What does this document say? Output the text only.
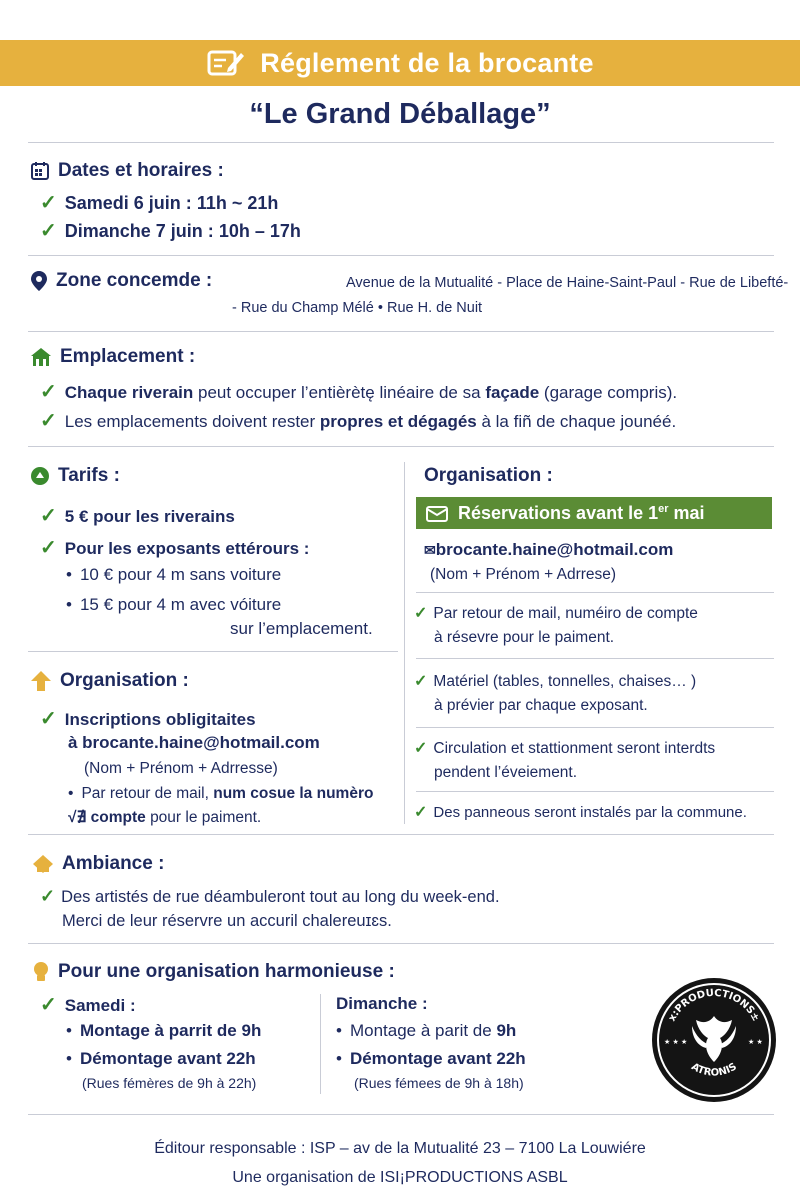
Réglement de la brocante
“Le Grand Déballage”
Dates et horaires :
✓ Samedi 6 juin : 11h ~ 21h
✓ Dimanche 7 juin : 10h – 17h
Zone concemde :	Avenue de la Mutualité - Place de Haine-Saint-Paul - Rue de Libefté-
- Rue du Champ Mélé • Rue H. de Nuit
Emplacement :
✓ Chaque riverain peut occuper l’entièrètę linéaire de sa façade (garage compris).
✓ Les emplacements doivent rester propres et dégagés à la fiñ de chaque jounéé.
Tarifs :
✓ 5 € pour les riverains
✓ Pour les exposants ettérours :
• 10 € pour 4 m sans voiture
• 15 € pour 4 m avec vóiture
sur l’emplacement.
Organisation :
✓ Inscriptions obligitaites
à brocante.haine@hotmail.com
(Nom + Prénom + Adrresse)
• Par retour de mail, num cosue la numèro
√∄ compte pour le paiment.
Organisation :
Réservations avant le 1er mai
✉brocante.haine@hotmail.com
(Nom + Prénom + Adrrese)
✓ Par retour de mail, numéiro de compte
à résevre pour le paiment.
✓ Matériel (tables, tonnelles, chaises… )
à prévier par chaque exposant.
✓ Circulation et stattionment seront interdts
pendent l’éveiement.
✓ Des panneous seront instalés par la commune.
Ambiance :
✓ Des artistés de rue déambuleront tout au long du week-end.
Merci de leur réservre un accuril chalereuɪɛs.
Pour une organisation harmonieuse :
✓ Samedi :
• Montage à parrit de 9h
• Démontage avant 22h
(Rues fémères de 9h à 22h)
Dimanche :
• Montage à parit de 9h
• Démontage avant 22h
(Rues fémees de 9h à 18h)
x:PRODUCTIONS±
ATRONIS
★ ★ ★	★ ★
Éditour responsable : ISP – av de la Mutualité 23 – 7100 La Louwiére
Une organisation de ISI¡PRODUCTIONS ASBL
